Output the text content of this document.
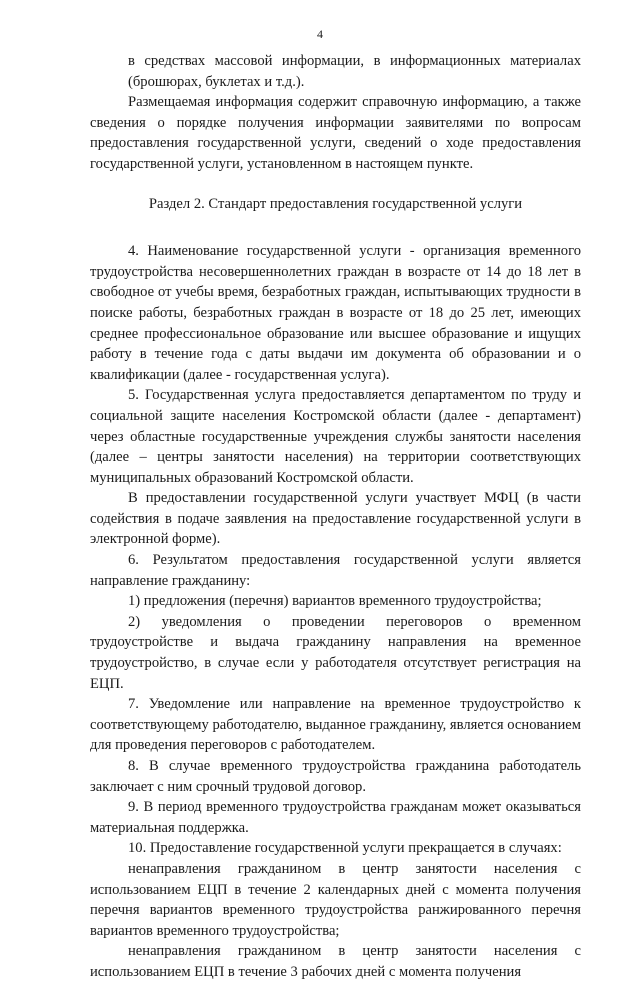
4

в средствах массовой информации, в информационных материалах (брошюрах, буклетах и т.д.).

Размещаемая информация содержит справочную информацию, а также сведения о порядке получения информации заявителями по вопросам предоставления государственной услуги, сведений о ходе предоставления государственной услуги, установленном в настоящем пункте.

Раздел 2. Стандарт предоставления государственной услуги

4. Наименование государственной услуги - организация временного трудоустройства несовершеннолетних граждан в возрасте от 14 до 18 лет в свободное от учебы время, безработных граждан, испытывающих трудности в поиске работы, безработных граждан в возрасте от 18 до 25 лет, имеющих среднее профессиональное образование или высшее образование и ищущих работу в течение года с даты выдачи им документа об образовании и о квалификации (далее - государственная услуга).

5. Государственная услуга предоставляется департаментом по труду и социальной защите населения Костромской области (далее - департамент) через областные государственные учреждения службы занятости населения (далее – центры занятости населения) на территории соответствующих муниципальных образований Костромской области.

В предоставлении государственной услуги участвует МФЦ (в части содействия в подаче заявления на предоставление государственной услуги в электронной форме).

6. Результатом предоставления государственной услуги является направление гражданину:

1) предложения (перечня) вариантов временного трудоустройства;

2) уведомления о проведении переговоров о временном трудоустройстве и выдача гражданину направления на временное трудоустройство, в случае если у работодателя отсутствует регистрация на ЕЦП.

7. Уведомление или направление на временное трудоустройство к соответствующему работодателю, выданное гражданину, является основанием для проведения переговоров с работодателем.

8. В случае временного трудоустройства гражданина работодатель заключает с ним срочный трудовой договор.

9. В период временного трудоустройства гражданам может оказываться материальная поддержка.

10. Предоставление государственной услуги прекращается в случаях:

ненаправления гражданином в центр занятости населения с использованием ЕЦП в течение 2 календарных дней с момента получения перечня вариантов временного трудоустройства ранжированного перечня вариантов временного трудоустройства;

ненаправления гражданином в центр занятости населения с использованием ЕЦП в течение 3 рабочих дней с момента получения
